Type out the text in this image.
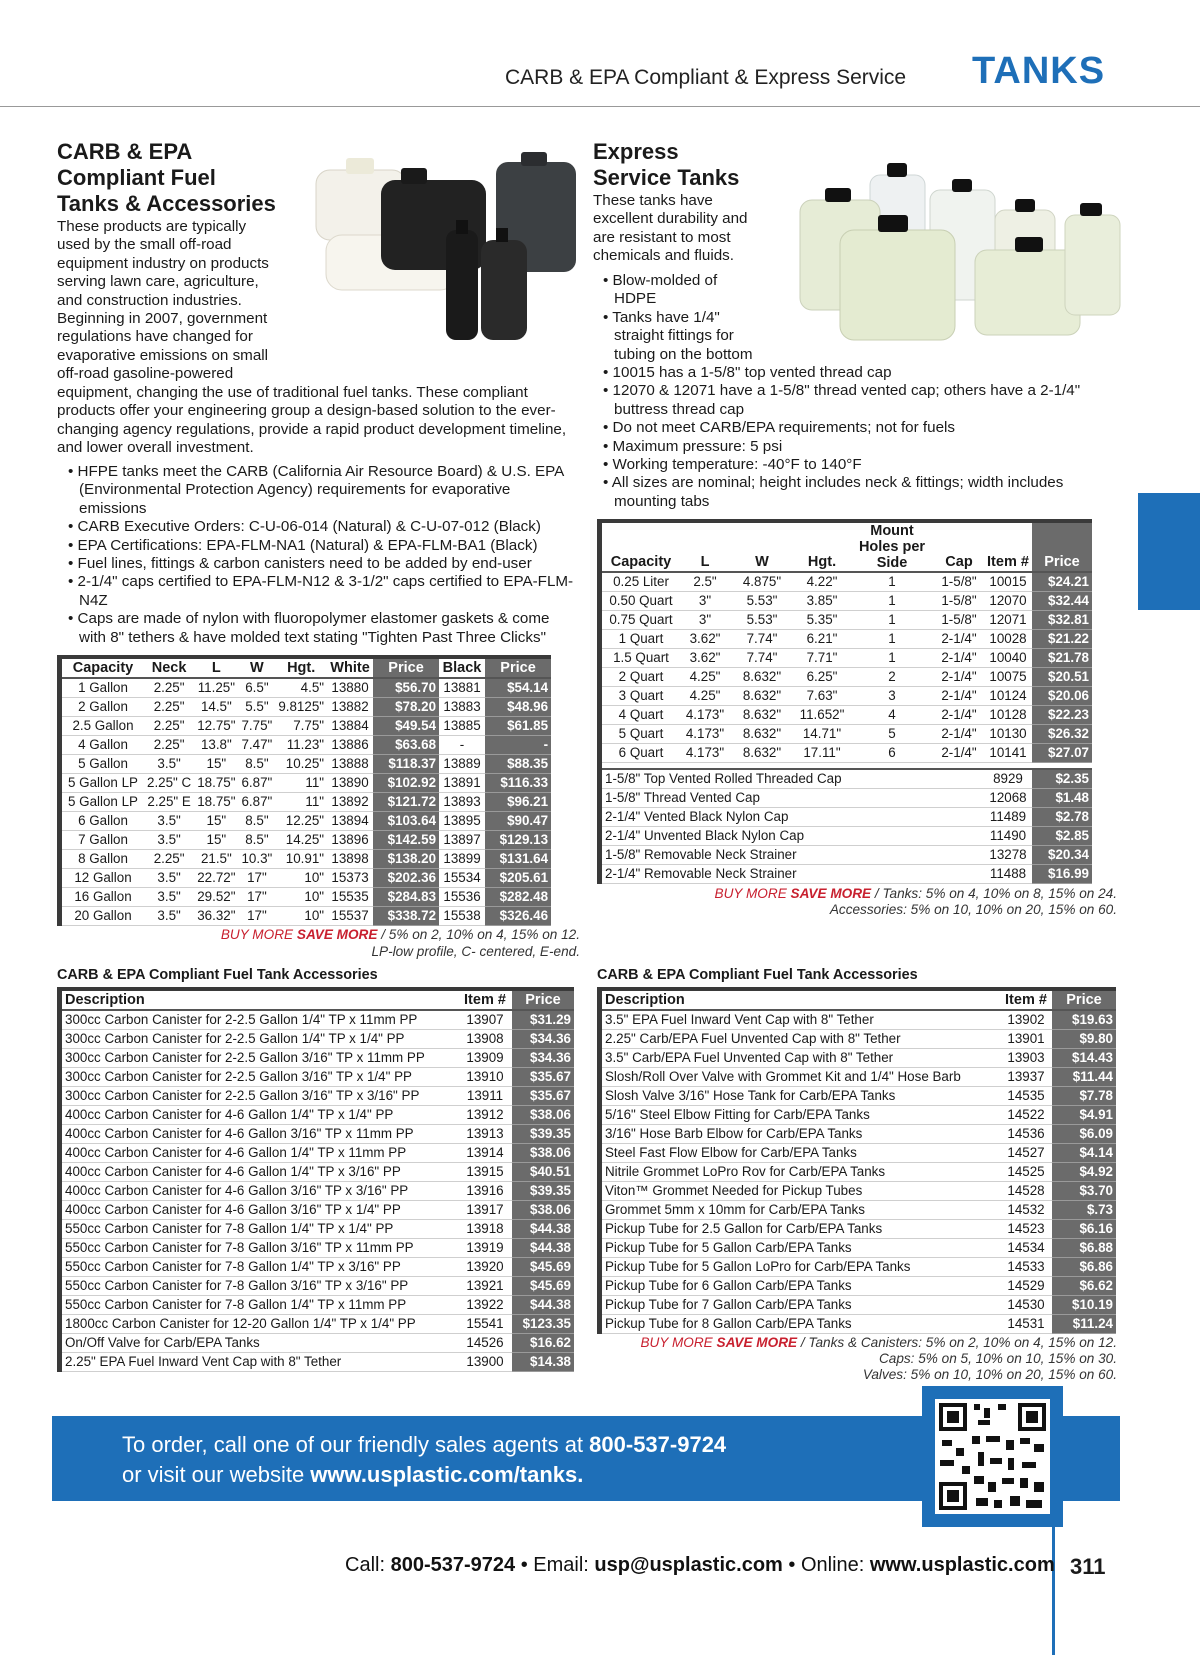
CARB & EPA Compliant & Express Service TANKS
CARB & EPA
Compliant Fuel
Tanks & Accessories
These products are typically
used by the small off-road
equipment industry on products
serving lawn care, agriculture,
and construction industries.
Beginning in 2007, government
regulations have changed for
evaporative emissions on small
off-road gasoline-powered
equipment, changing the use of traditional fuel tanks. These compliant products offer your engineering group a design-based solution to the ever-changing agency regulations, provide a rapid product development timeline, and lower overall investment.
• HFPE tanks meet the CARB (California Air Resource Board) & U.S. EPA (Environmental Protection Agency) requirements for evaporative emissions
• CARB Executive Orders: C-U-06-014 (Natural) & C-U-07-012 (Black)
• EPA Certifications: EPA-FLM-NA1 (Natural) & EPA-FLM-BA1 (Black)
• Fuel lines, fittings & carbon canisters need to be added by end-user
• 2-1/4" caps certified to EPA-FLM-N12 & 3-1/2" caps certified to EPA-FLM-N4Z
• Caps are made of nylon with fluoropolymer elastomer gaskets & come with 8" tethers & have molded text stating "Tighten Past Three Clicks"
Capacity	Neck	L	W	Hgt.	White	Price	Black	Price
1 Gallon	2.25"	11.25"	6.5"	4.5"	13880	$56.70	13881	$54.14
2 Gallon	2.25"	14.5"	5.5"	9.8125"	13882	$78.20	13883	$48.96
2.5 Gallon	2.25"	12.75"	7.75"	7.75"	13884	$49.54	13885	$61.85
4 Gallon	2.25"	13.8"	7.47"	11.23"	13886	$63.68	-	-
5 Gallon	3.5"	15"	8.5"	10.25"	13888	$118.37	13889	$88.35
5 Gallon LP	2.25" C	18.75"	6.87"	11"	13890	$102.92	13891	$116.33
5 Gallon LP	2.25" E	18.75"	6.87"	11"	13892	$121.72	13893	$96.21
6 Gallon	3.5"	15"	8.5"	12.25"	13894	$103.64	13895	$90.47
7 Gallon	3.5"	15"	8.5"	14.25"	13896	$142.59	13897	$129.13
8 Gallon	2.25"	21.5"	10.3"	10.91"	13898	$138.20	13899	$131.64
12 Gallon	3.5"	22.72"	17"	10"	15373	$202.36	15534	$205.61
16 Gallon	3.5"	29.52"	17"	10"	15535	$284.83	15536	$282.48
20 Gallon	3.5"	36.32"	17"	10"	15537	$338.72	15538	$326.46
BUY MORE SAVE MORE / 5% on 2, 10% on 4, 15% on 12.
LP-low profile, C- centered, E-end.
Express
Service Tanks
These tanks have
excellent durability and
are resistant to most
chemicals and fluids.
• Blow-molded of HDPE
• Tanks have 1/4" straight fittings for tubing on the bottom
• 10015 has a 1-5/8" top vented thread cap
• 12070 & 12071 have a 1-5/8" thread vented cap; others have a 2-1/4" buttress thread cap
• Do not meet CARB/EPA requirements; not for fuels
• Maximum pressure: 5 psi
• Working temperature: -40°F to 140°F
• All sizes are nominal; height includes neck & fittings; width includes mounting tabs
Capacity	L	W	Hgt.	Mount Holes per Side	Cap	Item #	Price
0.25 Liter	2.5"	4.875"	4.22"	1	1-5/8"	10015	$24.21
0.50 Quart	3"	5.53"	3.85"	1	1-5/8"	12070	$32.44
0.75 Quart	3"	5.53"	5.35"	1	1-5/8"	12071	$32.81
1 Quart	3.62"	7.74"	6.21"	1	2-1/4"	10028	$21.22
1.5 Quart	3.62"	7.74"	7.71"	1	2-1/4"	10040	$21.78
2 Quart	4.25"	8.632"	6.25"	2	2-1/4"	10075	$20.51
3 Quart	4.25"	8.632"	7.63"	3	2-1/4"	10124	$20.06
4 Quart	4.173"	8.632"	11.652"	4	2-1/4"	10128	$22.23
5 Quart	4.173"	8.632"	14.71"	5	2-1/4"	10130	$26.32
6 Quart	4.173"	8.632"	17.11"	6	2-1/4"	10141	$27.07

1-5/8" Top Vented Rolled Threaded Cap						8929	$2.35
1-5/8" Thread Vented Cap						12068	$1.48
2-1/4" Vented Black Nylon Cap						11489	$2.78
2-1/4" Unvented Black Nylon Cap						11490	$2.85
1-5/8" Removable Neck Strainer						13278	$20.34
2-1/4" Removable Neck Strainer						11488	$16.99
BUY MORE SAVE MORE / Tanks: 5% on 4, 10% on 8, 15% on 24.
Accessories: 5% on 10, 10% on 20, 15% on 60.
CARB & EPA Compliant Fuel Tank Accessories
Description	Item #	Price
300cc Carbon Canister for 2-2.5 Gallon 1/4" TP x 11mm PP	13907	$31.29
300cc Carbon Canister for 2-2.5 Gallon 1/4" TP x 1/4" PP	13908	$34.36
300cc Carbon Canister for 2-2.5 Gallon 3/16" TP x 11mm PP	13909	$34.36
300cc Carbon Canister for 2-2.5 Gallon 3/16" TP x 1/4" PP	13910	$35.67
300cc Carbon Canister for 2-2.5 Gallon 3/16" TP x 3/16" PP	13911	$35.67
400cc Carbon Canister for 4-6 Gallon 1/4" TP x 1/4" PP	13912	$38.06
400cc Carbon Canister for 4-6 Gallon 3/16" TP x 11mm PP	13913	$39.35
400cc Carbon Canister for 4-6 Gallon 1/4" TP x 11mm PP	13914	$38.06
400cc Carbon Canister for 4-6 Gallon 1/4" TP x 3/16" PP	13915	$40.51
400cc Carbon Canister for 4-6 Gallon 3/16" TP x 3/16" PP	13916	$39.35
400cc Carbon Canister for 4-6 Gallon 3/16" TP x 1/4" PP	13917	$38.06
550cc Carbon Canister for 7-8 Gallon 1/4" TP x 1/4" PP	13918	$44.38
550cc Carbon Canister for 7-8 Gallon 3/16" TP x 11mm PP	13919	$44.38
550cc Carbon Canister for 7-8 Gallon 1/4" TP x 3/16" PP	13920	$45.69
550cc Carbon Canister for 7-8 Gallon 3/16" TP x 3/16" PP	13921	$45.69
550cc Carbon Canister for 7-8 Gallon 1/4" TP x 11mm PP	13922	$44.38
1800cc Carbon Canister for 12-20 Gallon 1/4" TP x 1/4" PP	15541	$123.35
On/Off Valve for Carb/EPA Tanks	14526	$16.62
2.25" EPA Fuel Inward Vent Cap with 8" Tether	13900	$14.38
CARB & EPA Compliant Fuel Tank Accessories
Description	Item #	Price
3.5" EPA Fuel Inward Vent Cap with 8" Tether	13902	$19.63
2.25" Carb/EPA Fuel Unvented Cap with 8" Tether	13901	$9.80
3.5" Carb/EPA Fuel Unvented Cap with 8" Tether	13903	$14.43
Slosh/Roll Over Valve with Grommet Kit and 1/4" Hose Barb	13937	$11.44
Slosh Valve 3/16" Hose Tank for Carb/EPA Tanks	14535	$7.78
5/16" Steel Elbow Fitting for Carb/EPA Tanks	14522	$4.91
3/16" Hose Barb Elbow for Carb/EPA Tanks	14536	$6.09
Steel Fast Flow Elbow for Carb/EPA Tanks	14527	$4.14
Nitrile Grommet LoPro Rov for Carb/EPA Tanks	14525	$4.92
Viton™ Grommet Needed for Pickup Tubes	14528	$3.70
Grommet 5mm x 10mm for Carb/EPA Tanks	14532	$.73
Pickup Tube for 2.5 Gallon for Carb/EPA Tanks	14523	$6.16
Pickup Tube for 5 Gallon Carb/EPA Tanks	14534	$6.88
Pickup Tube for 5 Gallon LoPro for Carb/EPA Tanks	14533	$6.86
Pickup Tube for 6 Gallon Carb/EPA Tanks	14529	$6.62
Pickup Tube for 7 Gallon Carb/EPA Tanks	14530	$10.19
Pickup Tube for 8 Gallon Carb/EPA Tanks	14531	$11.24
BUY MORE SAVE MORE / Tanks & Canisters: 5% on 2, 10% on 4, 15% on 12.
Caps: 5% on 5, 10% on 10, 15% on 30.
Valves: 5% on 10, 10% on 20, 15% on 60.
To order, call one of our friendly sales agents at 800-537-9724
or visit our website www.usplastic.com/tanks.
Call: 800-537-9724 • Email: usp@usplastic.com • Online: www.usplastic.com 311
